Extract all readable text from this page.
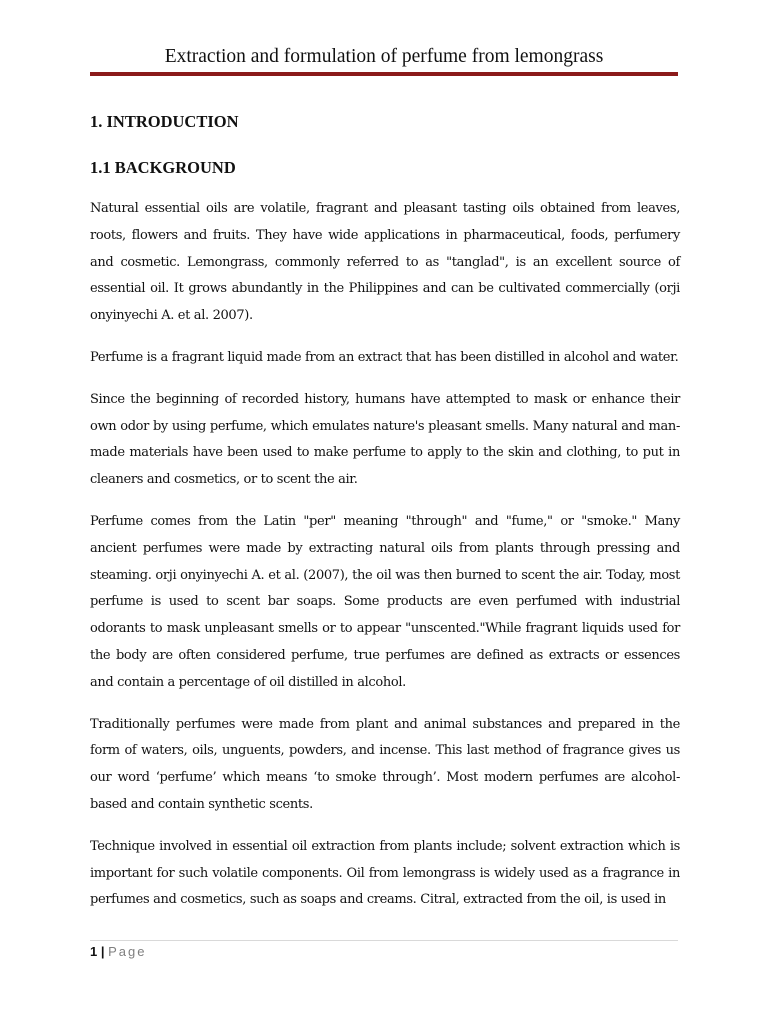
Extraction and formulation of perfume from lemongrass
1. INTRODUCTION
1.1 BACKGROUND

Natural essential oils are volatile, fragrant and pleasant tasting oils obtained from leaves, roots, flowers and fruits. They have wide applications in pharmaceutical, foods, perfumery and cosmetic. Lemongrass, commonly referred to as "tanglad", is an excellent source of essential oil. It grows abundantly in the Philippines and can be cultivated commercially (orji onyinyechi A. et al. 2007).

Perfume is a fragrant liquid made from an extract that has been distilled in alcohol and water.

Since the beginning of recorded history, humans have attempted to mask or enhance their own odor by using perfume, which emulates nature's pleasant smells. Many natural and man-made materials have been used to make perfume to apply to the skin and clothing, to put in cleaners and cosmetics, or to scent the air.

Perfume comes from the Latin "per" meaning "through" and "fume," or "smoke." Many ancient perfumes were made by extracting natural oils from plants through pressing and steaming. orji onyinyechi A. et al. (2007), the oil was then burned to scent the air. Today, most perfume is used to scent bar soaps. Some products are even perfumed with industrial odorants to mask unpleasant smells or to appear "unscented."While fragrant liquids used for the body are often considered perfume, true perfumes are defined as extracts or essences and contain a percentage of oil distilled in alcohol.

Traditionally perfumes were made from plant and animal substances and prepared in the form of waters, oils, unguents, powders, and incense. This last method of fragrance gives us our word ‘perfume’ which means ‘to smoke through’. Most modern perfumes are alcohol-based and contain synthetic scents.

Technique involved in essential oil extraction from plants include; solvent extraction which is important for such volatile components. Oil from lemongrass is widely used as a fragrance in perfumes and cosmetics, such as soaps and creams. Citral, extracted from the oil, is used in

1 | Page
